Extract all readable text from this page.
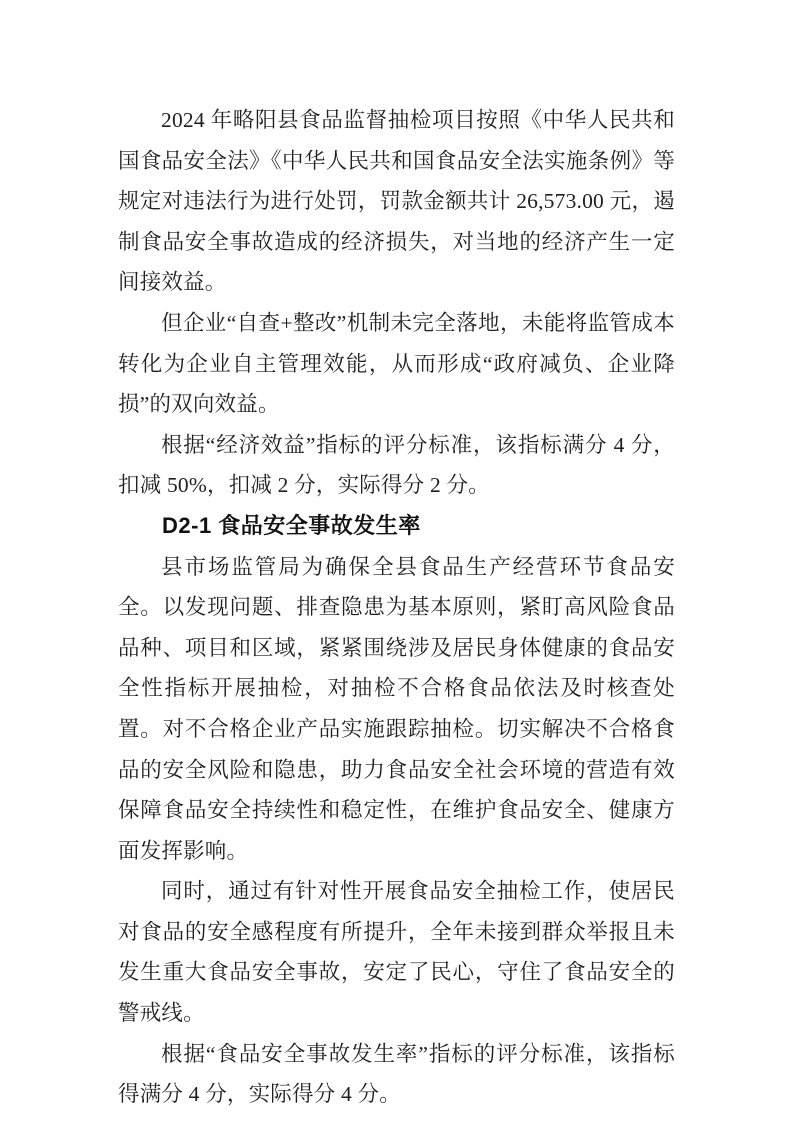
2024 年略阳县食品监督抽检项目按照《中华人民共和国食品安全法》《中华人民共和国食品安全法实施条例》等规定对违法行为进行处罚，罚款金额共计 26,573.00 元，遏制食品安全事故造成的经济损失，对当地的经济产生一定间接效益。

但企业“自查+整改”机制未完全落地，未能将监管成本转化为企业自主管理效能，从而形成“政府减负、企业降损”的双向效益。

根据“经济效益”指标的评分标准，该指标满分 4 分，扣减 50%，扣减 2 分，实际得分 2 分。

D2-1 食品安全事故发生率

县市场监管局为确保全县食品生产经营环节食品安全。以发现问题、排查隐患为基本原则，紧盯高风险食品品种、项目和区域，紧紧围绕涉及居民身体健康的食品安全性指标开展抽检，对抽检不合格食品依法及时核查处置。对不合格企业产品实施跟踪抽检。切实解决不合格食品的安全风险和隐患，助力食品安全社会环境的营造有效保障食品安全持续性和稳定性，在维护食品安全、健康方面发挥影响。

同时，通过有针对性开展食品安全抽检工作，使居民对食品的安全感程度有所提升，全年未接到群众举报且未发生重大食品安全事故，安定了民心，守住了食品安全的警戒线。

根据“食品安全事故发生率”指标的评分标准，该指标得满分 4 分，实际得分 4 分。
